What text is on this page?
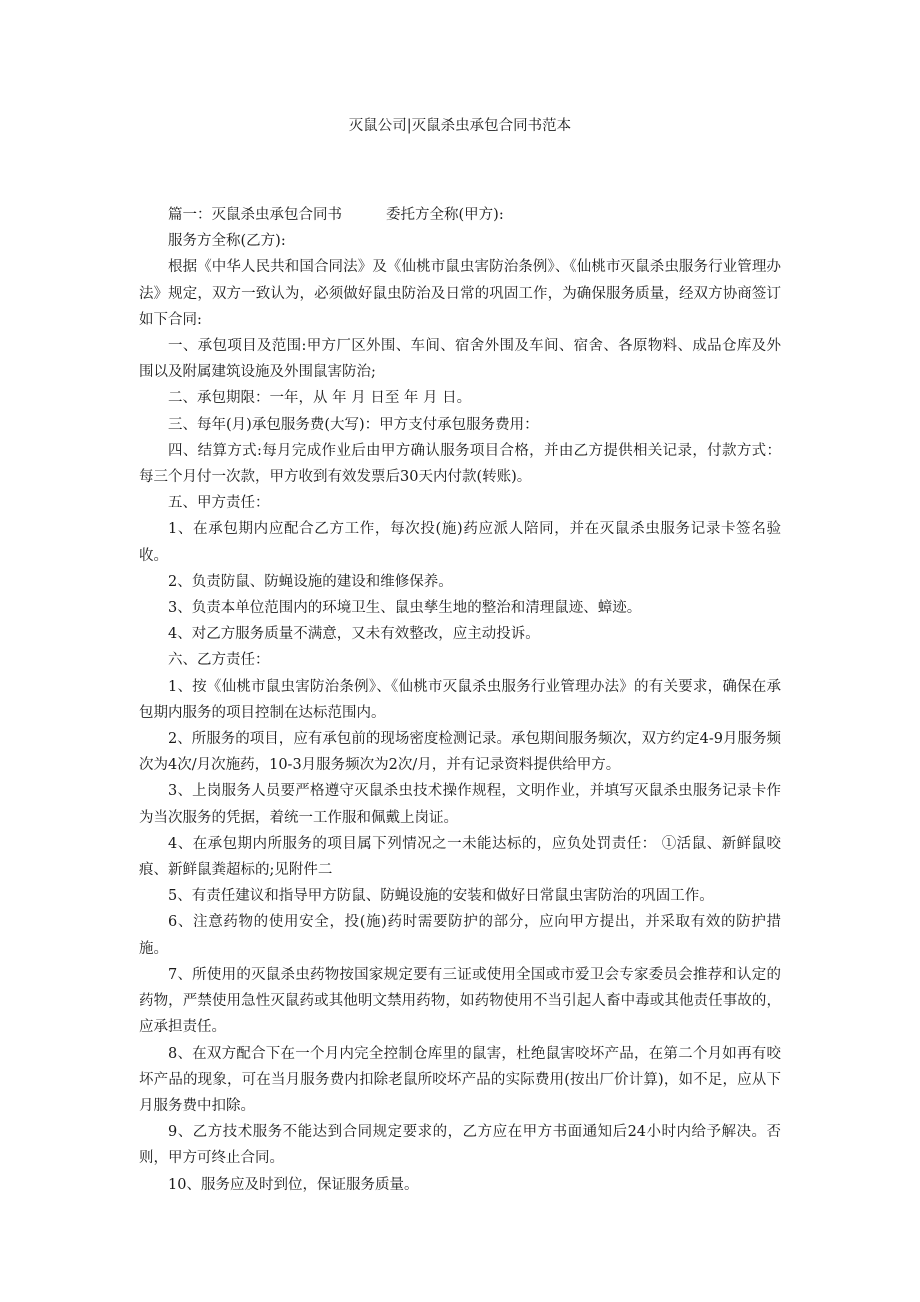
灭鼠公司|灭鼠杀虫承包合同书范本

篇一：灭鼠杀虫承包合同书	委托方全称(甲方):

服务方全称(乙方):

根据《中华人民共和国合同法》及《仙桃市鼠虫害防治条例》、《仙桃市灭鼠杀虫服务行业管理办法》规定，双方一致认为，必须做好鼠虫防治及日常的巩固工作，为确保服务质量，经双方协商签订如下合同:

一、承包项目及范围:甲方厂区外围、车间、宿舍外围及车间、宿舍、各原物料、成品仓库及外围以及附属建筑设施及外围鼠害防治;

二、承包期限：一年，从 年 月 日至 年 月 日。

三、每年(月)承包服务费(大写)：甲方支付承包服务费用：

四、结算方式:每月完成作业后由甲方确认服务项目合格，并由乙方提供相关记录，付款方式：每三个月付一次款，甲方收到有效发票后30天内付款(转账)。

五、甲方责任：

1、在承包期内应配合乙方工作，每次投(施)药应派人陪同，并在灭鼠杀虫服务记录卡签名验收。

2、负责防鼠、防蝇设施的建设和维修保养。

3、负责本单位范围内的环境卫生、鼠虫孳生地的整治和清理鼠迹、蟑迹。

4、对乙方服务质量不满意，又未有效整改，应主动投诉。

六、乙方责任：

1、按《仙桃市鼠虫害防治条例》、《仙桃市灭鼠杀虫服务行业管理办法》的有关要求，确保在承包期内服务的项目控制在达标范围内。

2、所服务的项目，应有承包前的现场密度检测记录。承包期间服务频次，双方约定4-9月服务频次为4次/月次施药，10-3月服务频次为2次/月，并有记录资料提供给甲方。

3、上岗服务人员要严格遵守灭鼠杀虫技术操作规程，文明作业，并填写灭鼠杀虫服务记录卡作为当次服务的凭据，着统一工作服和佩戴上岗证。

4、在承包期内所服务的项目属下列情况之一未能达标的，应负处罚责任： ①活鼠、新鲜鼠咬痕、新鲜鼠粪超标的;见附件二

5、有责任建议和指导甲方防鼠、防蝇设施的安装和做好日常鼠虫害防治的巩固工作。

6、注意药物的使用安全，投(施)药时需要防护的部分，应向甲方提出，并采取有效的防护措施。

7、所使用的灭鼠杀虫药物按国家规定要有三证或使用全国或市爱卫会专家委员会推荐和认定的药物，严禁使用急性灭鼠药或其他明文禁用药物，如药物使用不当引起人畜中毒或其他责任事故的，应承担责任。

8、在双方配合下在一个月内完全控制仓库里的鼠害，杜绝鼠害咬坏产品，在第二个月如再有咬坏产品的现象，可在当月服务费内扣除老鼠所咬坏产品的实际费用(按出厂价计算)，如不足，应从下月服务费中扣除。

9、乙方技术服务不能达到合同规定要求的，乙方应在甲方书面通知后24小时内给予解决。否则，甲方可终止合同。

10、服务应及时到位，保证服务质量。
